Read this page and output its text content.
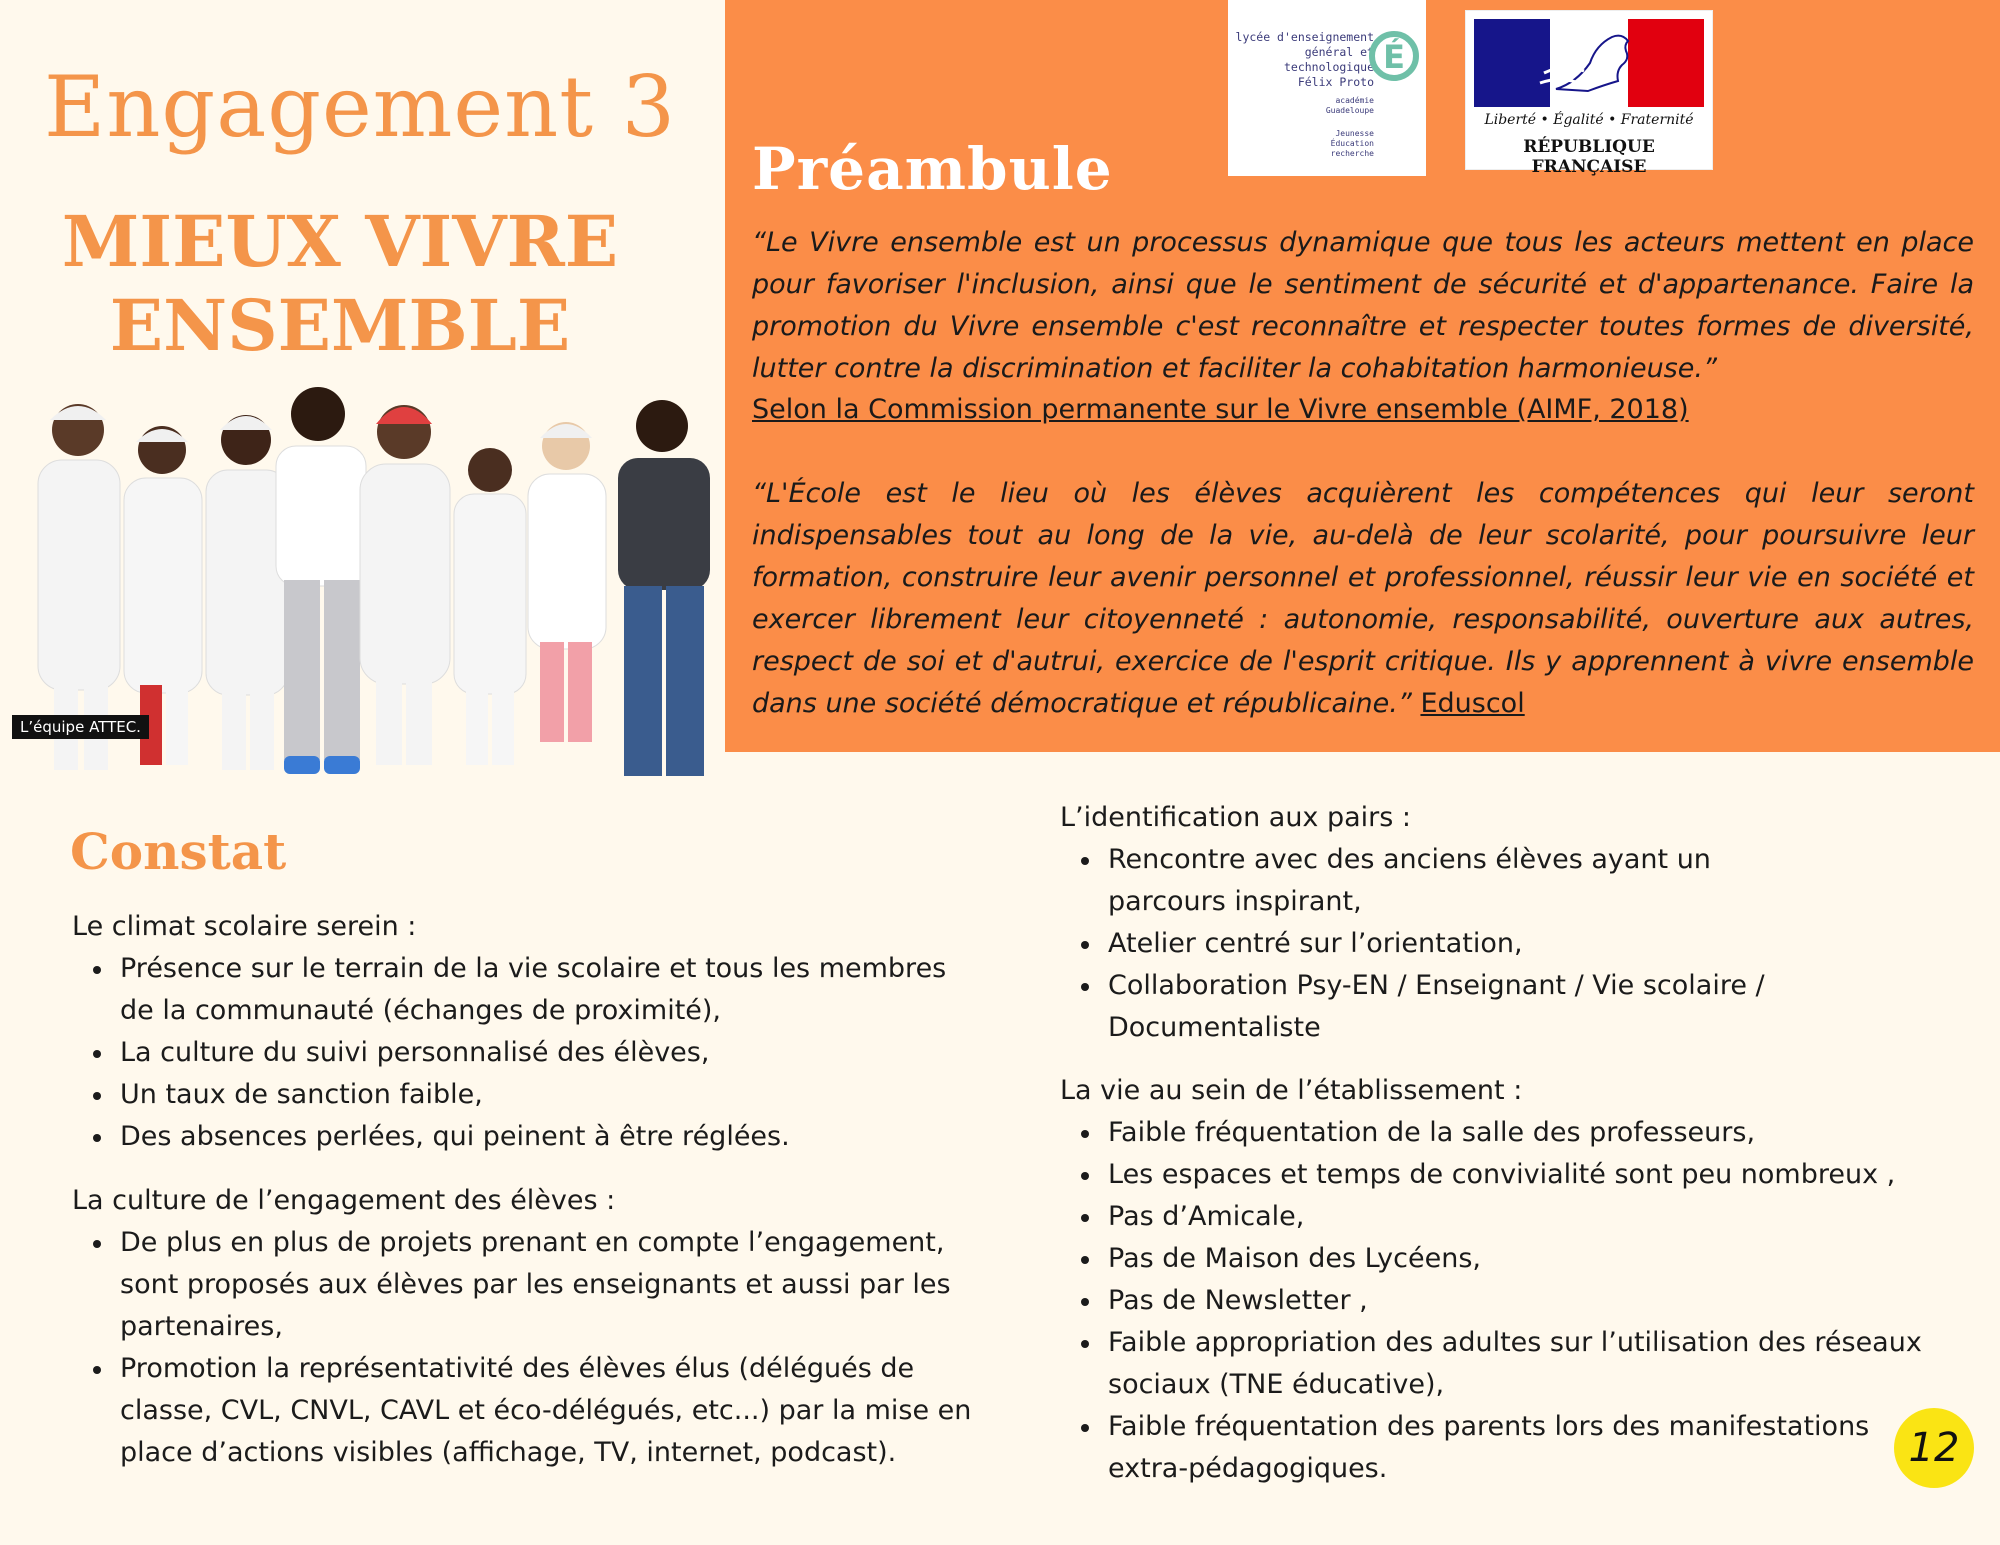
Engagement 3
MIEUX VIVRE
ENSEMBLE
L’équipe ATTEC.
Préambule

“Le Vivre ensemble est un processus dynamique que tous les acteurs mettent en place pour favoriser l'inclusion, ainsi que le sentiment de sécurité et d'appartenance. Faire la promotion du Vivre ensemble c'est reconnaître et respecter toutes formes de diversité, lutter contre la discrimination et faciliter la cohabitation harmonieuse.”

Selon la Commission permanente sur le Vivre ensemble (AIMF, 2018)

“L'École est le lieu où les élèves acquièrent les compétences qui leur seront indispensables tout au long de la vie, au-delà de leur scolarité, pour poursuivre leur formation, construire leur avenir personnel et professionnel, réussir leur vie en société et exercer librement leur citoyenneté : autonomie, responsabilité, ouverture aux autres, respect de soi et d'autrui, exercice de l'esprit critique. Ils y apprennent à vivre ensemble dans une société démocratique et républicaine.” Eduscol

lycée d'enseignement
général et technologique
Félix Proto
É
académie
Guadeloupe
Jeunesse
Éducation
recherche
Liberté • Égalité • Fraternité
RÉPUBLIQUE FRANÇAISE
Constat

Le climat scolaire serein :

Présence sur le terrain de la vie scolaire et tous les membres de la communauté (échanges de proximité),
La culture du suivi personnalisé des élèves,
Un taux de sanction faible,
Des absences perlées, qui peinent à être réglées.

La culture de l’engagement des élèves :

De plus en plus de projets prenant en compte l’engagement, sont proposés aux élèves par les enseignants et aussi par les partenaires,
Promotion la représentativité des élèves élus (délégués de classe, CVL, CNVL, CAVL et éco-délégués, etc...) par la mise en place d’actions visibles (affichage, TV, internet, podcast).

L’identification aux pairs :

Rencontre avec des anciens élèves ayant un parcours inspirant,
Atelier centré sur l’orientation,
Collaboration Psy-EN / Enseignant / Vie scolaire / Documentaliste

La vie au sein de l’établissement :

Faible fréquentation de la salle des professeurs,
Les espaces et temps de convivialité sont peu nombreux ,
Pas d’Amicale,
Pas de Maison des Lycéens,
Pas de Newsletter ,
Faible appropriation des adultes sur l’utilisation des réseaux sociaux (TNE éducative),
Faible fréquentation des parents lors des manifestations extra-pédagogiques.	12
